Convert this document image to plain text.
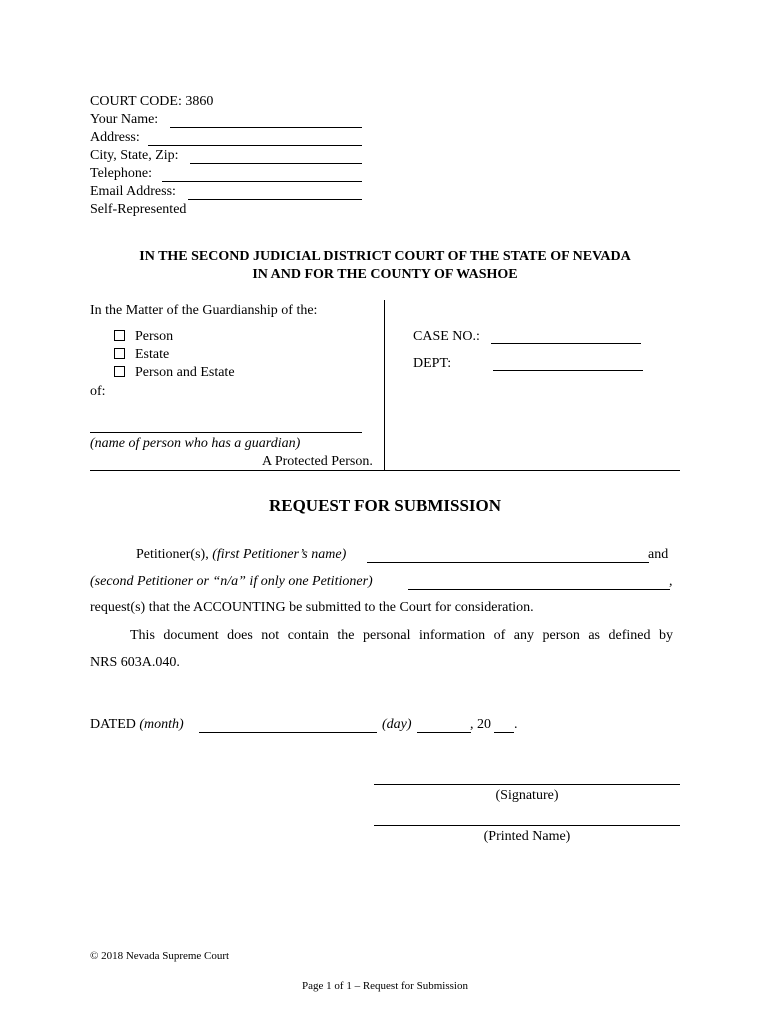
COURT CODE: 3860
Your Name:
Address:
City, State, Zip:
Telephone:
Email Address:
Self-Represented
IN THE SECOND JUDICIAL DISTRICT COURT OF THE STATE OF NEVADA
IN AND FOR THE COUNTY OF WASHOE
In the Matter of the Guardianship of the:
Person
Estate
Person and Estate
of:
(name of person who has a guardian)
A Protected Person.
CASE NO.:
DEPT:
REQUEST FOR SUBMISSION
Petitioner(s), (first Petitioner’s name)	and
(second Petitioner or “n/a” if only one Petitioner)	,
request(s) that the ACCOUNTING be submitted to the Court for consideration.
This document does not contain the personal information of any person as defined by
NRS 603A.040.
DATED (month)	(day)	, 20 .
(Signature)
(Printed Name)
© 2018 Nevada Supreme Court
Page 1 of 1 – Request for Submission
